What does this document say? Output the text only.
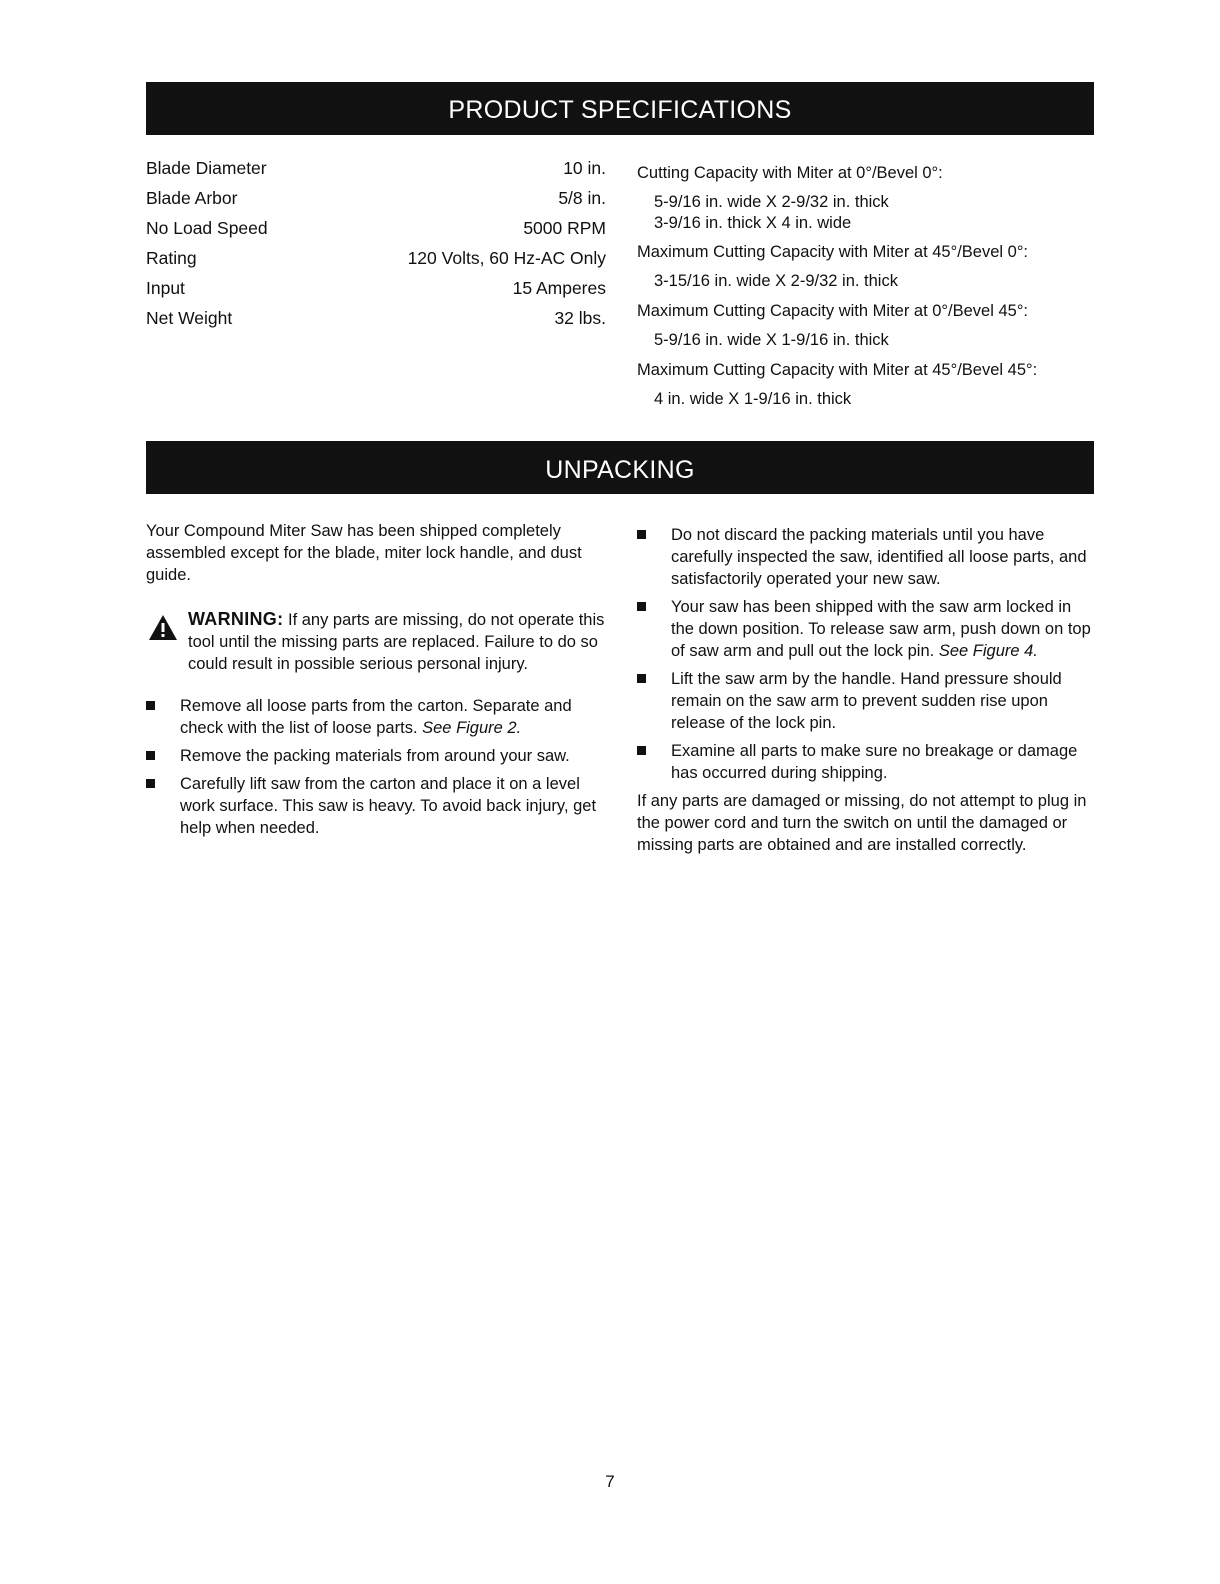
PRODUCT SPECIFICATIONS
Blade Diameter	10 in.
Blade Arbor	5/8 in.
No Load Speed	5000 RPM
Rating	120 Volts, 60 Hz-AC Only
Input	15 Amperes
Net Weight	32 lbs.
Cutting Capacity with Miter at 0°/Bevel 0°:
5-9/16 in. wide X 2-9/32 in. thick
3-9/16 in. thick X 4 in. wide
Maximum Cutting Capacity with Miter at 45°/Bevel 0°:
3-15/16 in. wide X 2-9/32 in. thick
Maximum Cutting Capacity with Miter at 0°/Bevel 45°:
5-9/16 in. wide X 1-9/16 in. thick
Maximum Cutting Capacity with Miter at 45°/Bevel 45°:
4 in. wide X 1-9/16 in. thick
UNPACKING

Your Compound Miter Saw has been shipped completely assembled except for the blade, miter lock handle, and dust guide.

WARNING: If any parts are missing, do not operate this tool until the missing parts are replaced. Failure to do so could result in possible serious personal injury.
Remove all loose parts from the carton. Separate and check with the list of loose parts. See Figure 2.
Remove the packing materials from around your saw.
Carefully lift saw from the carton and place it on a level work surface. This saw is heavy. To avoid back injury, get help when needed.
Do not discard the packing materials until you have carefully inspected the saw, identified all loose parts, and satisfactorily operated your new saw.
Your saw has been shipped with the saw arm locked in the down position. To release saw arm, push down on top of saw arm and pull out the lock pin. See Figure 4.
Lift the saw arm by the handle. Hand pressure should remain on the saw arm to prevent sudden rise upon release of the lock pin.
Examine all parts to make sure no breakage or damage has occurred during shipping.

If any parts are damaged or missing, do not attempt to plug in the power cord and turn the switch on until the damaged or missing parts are obtained and are installed correctly.

7
